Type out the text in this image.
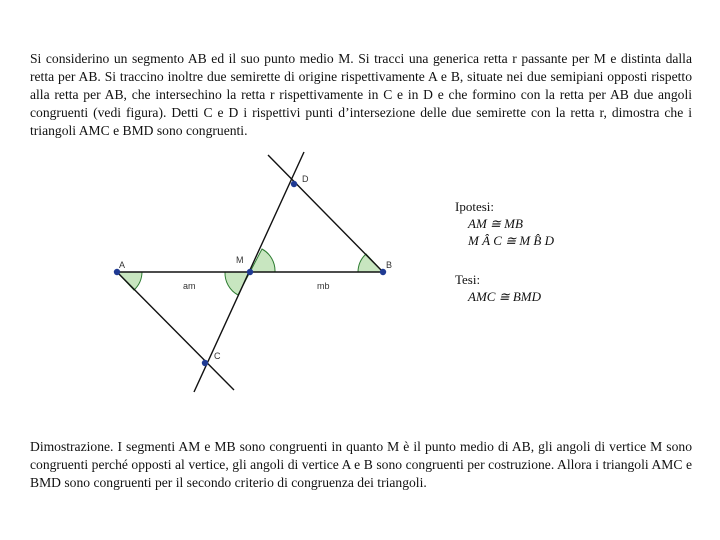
Si considerino un segmento AB ed il suo punto medio M. Si tracci una generica retta r passante per M e distinta dalla retta per AB. Si traccino inoltre due semirette di origine rispettivamente A e B, situate nei due semipiani opposti rispetto alla retta per AB, che intersechino la retta r rispettivamente in C e in D e che formino con la retta per AB due angoli congruenti (vedi figura). Detti C e D i rispettivi punti d’intersezione delle due semirette con la retta r, dimostra che i triangoli AMC e BMD sono congruenti.

A	B
M
C
D
am	mb
Ipotesi:
AM ≅ MB
M Â C ≅ M B̂ D
Tesi:
AMC ≅ BMD

Dimostrazione. I segmenti AM e MB sono congruenti in quanto M è il punto medio di AB, gli angoli di vertice M sono congruenti perché opposti al vertice, gli angoli di vertice A e B sono congruenti per costruzione. Allora i triangoli AMC e BMD sono congruenti per il secondo criterio di congruenza dei triangoli.
